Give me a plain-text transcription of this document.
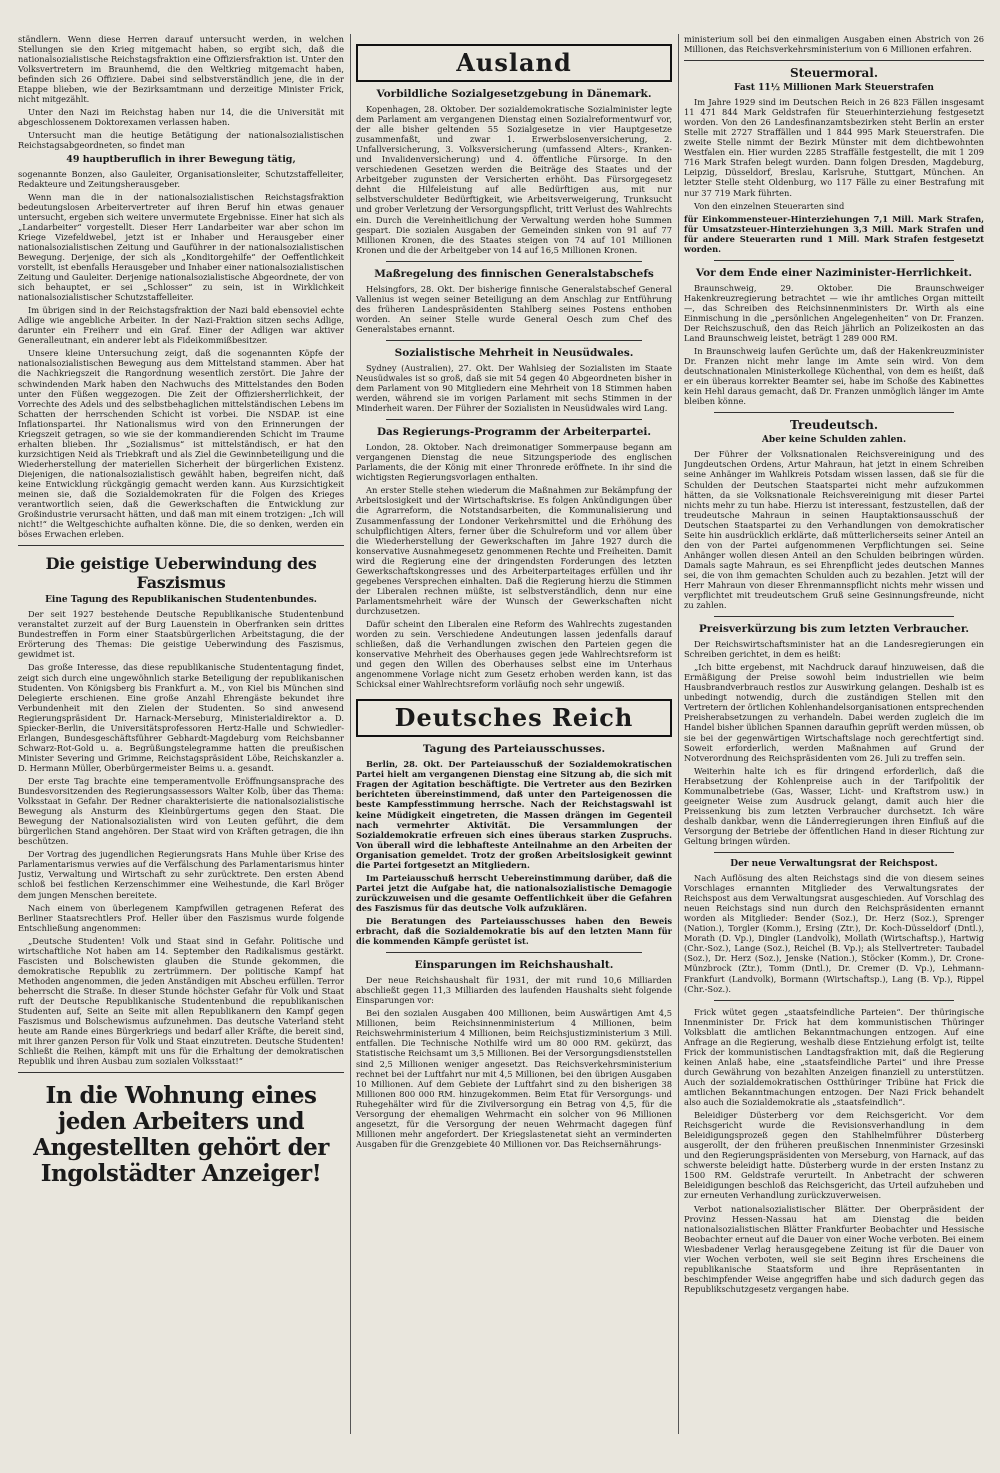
ständlern. Wenn diese Herren darauf untersucht werden, in welchen Stellungen sie den Krieg mitgemacht haben, so ergibt sich, daß die nationalsozialistische Reichstagsfraktion eine Offiziersfraktion ist. Unter den Volksvertretern im Braunhemd, die den Weltkrieg mitgemacht haben, befinden sich 26 Offiziere. Dabei sind selbstverständlich jene, die in der Etappe blieben, wie der Bezirksamtmann und derzeitige Minister Frick, nicht mitgezählt.

Unter den Nazi im Reichstag haben nur 14, die die Universität mit abgeschlossenem Doktorexamen verlassen haben.

Untersucht man die heutige Betätigung der nationalsozialistischen Reichstagsabgeordneten, so findet man

49 hauptberuflich in ihrer Bewegung tätig,

sogenannte Bonzen, also Gauleiter, Organisationsleiter, Schutzstaffelleiter, Redakteure und Zeitungsherausgeber.

Wenn man die in der nationalsozialistischen Reichstagsfraktion bedeutungslosen Arbeitervertreter auf ihren Beruf hin etwas genauer untersucht, ergeben sich weitere unvermutete Ergebnisse. Einer hat sich als „Landarbeiter“ vorgestellt. Dieser Herr Landarbeiter war aber schon im Kriege Vizefeldwebel, jetzt ist er Inhaber und Herausgeber einer nationalsozialistischen Zeitung und Gauführer in der nationalsozialistischen Bewegung. Derjenige, der sich als „Konditorgehilfe“ der Oeffentlichkeit vorstellt, ist ebenfalls Herausgeber und Inhaber einer nationalsozialistischen Zeitung und Gauleiter. Derjenige nationalsozialistische Abgeordnete, der von sich behauptet, er sei „Schlosser“ zu sein, ist in Wirklichkeit nationalsozialistischer Schutzstaffelleiter.

Im übrigen sind in der Reichstagsfraktion der Nazi bald ebensoviel echte Adlige wie angebliche Arbeiter. In der Nazi-Fraktion sitzen sechs Adlige, darunter ein Freiherr und ein Graf. Einer der Adligen war aktiver Generalleutnant, ein anderer lebt als Fideikommißbesitzer.

Unsere kleine Untersuchung zeigt, daß die sogenannten Köpfe der nationalsozialistischen Bewegung aus dem Mittelstand stammen. Aber hat die Nachkriegszeit die Rangordnung wesentlich zerstört. Die Jahre der schwindenden Mark haben den Nachwuchs des Mittelstandes den Boden unter den Füßen weggezogen. Die Zeit der Offiziersherrlichkeit, der Vorrechte des Adels und des selbstbehaglichen mittelständischen Lebens im Schatten der herrschenden Schicht ist vorbei. Die NSDAP. ist eine Inflationspartei. Ihr Nationalismus wird von den Erinnerungen der Kriegszeit getragen, so wie sie der kommandierenden Schicht im Traume erhalten blieben. Ihr „Sozialismus“ ist mittelständisch, er hat den kurzsichtigen Neid als Triebkraft und als Ziel die Gewinnbeteiligung und die Wiederherstellung der materiellen Sicherheit der bürgerlichen Existenz. Diejenigen, die nationalsozialistisch gewählt haben, begreifen nicht, daß keine Entwicklung rückgängig gemacht werden kann. Aus Kurzsichtigkeit meinen sie, daß die Sozialdemokraten für die Folgen des Krieges verantwortlich seien, daß die Gewerkschaften die Entwicklung zur Großindustrie verursacht hätten, und daß man mit einem trotzigen: „Ich will nicht!“ die Weltgeschichte aufhalten könne. Die, die so denken, werden ein böses Erwachen erleben.

Die geistige Ueberwindung des Faszismus
Eine Tagung des Republikanischen Studentenbundes.

Der seit 1927 bestehende Deutsche Republikanische Studentenbund veranstaltet zurzeit auf der Burg Lauenstein in Oberfranken sein drittes Bundestreffen in Form einer Staatsbürgerlichen Arbeitstagung, die der Erörterung des Themas: Die geistige Ueberwindung des Faszismus, gewidmet ist.

Das große Interesse, das diese republikanische Studententagung findet, zeigt sich durch eine ungewöhnlich starke Beteiligung der republikanischen Studenten. Von Königsberg bis Frankfurt a. M., von Kiel bis München sind Delegierte erschienen. Eine große Anzahl Ehrengäste bekundet ihre Verbundenheit mit den Zielen der Studenten. So sind anwesend Regierungspräsident Dr. Harnack-Merseburg, Ministerialdirektor a. D. Spiecker-Berlin, die Universitätsprofessoren Hertz-Halle und Schwiedler-Erlangen, Bundesgeschäftsführer Gebhardt-Magdeburg vom Reichsbanner Schwarz-Rot-Gold u. a. Begrüßungstelegramme hatten die preußischen Minister Severing und Grimme, Reichstagspräsident Löbe, Reichskanzler a. D. Hermann Müller, Oberbürgermeister Beims u. a. gesandt.

Der erste Tag brachte eine temperamentvolle Eröffnungsansprache des Bundesvorsitzenden des Regierungsassessors Walter Kolb, über das Thema: Volksstaat in Gefahr. Der Redner charakterisierte die nationalsozialistische Bewegung als Ansturm des Kleinbürgertums gegen den Staat. Die Bewegung der Nationalsozialisten wird von Leuten geführt, die dem bürgerlichen Stand angehören. Der Staat wird von Kräften getragen, die ihn beschützen.

Der Vortrag des jugendlichen Regierungsrats Hans Muhle über Krise des Parlamentarismus verwies auf die Verfälschung des Parlamentarismus hinter Justiz, Verwaltung und Wirtschaft zu sehr zurücktrete. Den ersten Abend schloß bei festlichen Kerzenschimmer eine Weihestunde, die Karl Bröger dem jungen Menschen bereitete.

Nach einem von überlegenem Kampfwillen getragenen Referat des Berliner Staatsrechtlers Prof. Heller über den Faszismus wurde folgende Entschließung angenommen:

„Deutsche Studenten! Volk und Staat sind in Gefahr. Politische und wirtschaftliche Not haben am 14. September den Radikalismus gestärkt. Fascisten und Bolschewisten glauben die Stunde gekommen, die demokratische Republik zu zertrümmern. Der politische Kampf hat Methoden angenommen, die jeden Anständigen mit Abscheu erfüllen. Terror beherrscht die Straße. In dieser Stunde höchster Gefahr für Volk und Staat ruft der Deutsche Republikanische Studentenbund die republikanischen Studenten auf, Seite an Seite mit allen Republikanern den Kampf gegen Faszismus und Bolschewismus aufzunehmen. Das deutsche Vaterland steht heute am Rande eines Bürgerkriegs und bedarf aller Kräfte, die bereit sind, mit ihrer ganzen Person für Volk und Staat einzutreten. Deutsche Studenten! Schließt die Reihen, kämpft mit uns für die Erhaltung der demokratischen Republik und ihren Ausbau zum sozialen Volksstaat!“

In die Wohnung eines jeden Arbeiters und Angestellten gehört der Ingolstädter Anzeiger!
Ausland
Vorbildliche Sozialgesetzgebung in Dänemark.

Kopenhagen, 28. Oktober. Der sozialdemokratische Sozialminister legte dem Parlament am vergangenen Dienstag einen Sozialreformentwurf vor, der alle bisher geltenden 55 Sozialgesetze in vier Hauptgesetze zusammenfaßt, und zwar 1. Erwerbslosenversicherung, 2. Unfallversicherung, 3. Volksversicherung (umfassend Alters-, Kranken- und Invalidenversicherung) und 4. öffentliche Fürsorge. In den verschiedenen Gesetzen werden die Beiträge des Staates und der Arbeitgeber zugunsten der Versicherten erhöht. Das Fürsorgegesetz dehnt die Hilfeleistung auf alle Bedürftigen aus, mit nur selbstverschuldeter Bedürftigkeit, wie Arbeitsverweigerung, Trunksucht und grober Verletzung der Versorgungspflicht, tritt Verlust des Wahlrechts ein. Durch die Vereinheitlichung der Verwaltung werden hohe Summen gespart. Die sozialen Ausgaben der Gemeinden sinken von 91 auf 77 Millionen Kronen, die des Staates steigen von 74 auf 101 Millionen Kronen und die der Arbeitgeber von 14 auf 16,5 Millionen Kronen.

Maßregelung des finnischen Generalstabschefs

Helsingfors, 28. Okt. Der bisherige finnische Generalstabschef General Vallenius ist wegen seiner Beteiligung an dem Anschlag zur Entführung des früheren Landespräsidenten Stahlberg seines Postens enthoben worden. An seiner Stelle wurde General Oesch zum Chef des Generalstabes ernannt.

Sozialistische Mehrheit in Neusüdwales.

Sydney (Australien), 27. Okt. Der Wahlsieg der Sozialisten im Staate Neusüdwales ist so groß, daß sie mit 54 gegen 40 Abgeordneten bisher in dem Parlament von 90 Mitgliedern eine Mehrheit von 18 Stimmen haben werden, während sie im vorigen Parlament mit sechs Stimmen in der Minderheit waren. Der Führer der Sozialisten in Neusüdwales wird Lang.

Das Regierungs-Programm der Arbeiterpartei.

London, 28. Oktober. Nach dreimonatiger Sommerpause begann am vergangenen Dienstag die neue Sitzungsperiode des englischen Parlaments, die der König mit einer Thronrede eröffnete. In ihr sind die wichtigsten Regierungsvorlagen enthalten.

An erster Stelle stehen wiederum die Maßnahmen zur Bekämpfung der Arbeitslosigkeit und der Wirtschaftskrise. Es folgen Ankündigungen über die Agrarreform, die Notstandsarbeiten, die Kommunalisierung und Zusammenfassung der Londoner Verkehrsmittel und die Erhöhung des schulpflichtigen Alters, ferner über die Schulreform und vor allem über die Wiederherstellung der Gewerkschaften im Jahre 1927 durch die konservative Ausnahmegesetz genommenen Rechte und Freiheiten. Damit wird die Regierung eine der dringendsten Forderungen des letzten Gewerkschaftskongresses und des Arbeiterparteitages erfüllen und ihr gegebenes Versprechen einhalten. Daß die Regierung hierzu die Stimmen der Liberalen rechnen müßte, ist selbstverständlich, denn nur eine Parlamentsmehrheit wäre der Wunsch der Gewerkschaften nicht durchzusetzen.

Dafür scheint den Liberalen eine Reform des Wahlrechts zugestanden worden zu sein. Verschiedene Andeutungen lassen jedenfalls darauf schließen, daß die Verhandlungen zwischen den Parteien gegen die konservative Mehrheit des Oberhauses gegen jede Wahlrechtsreform ist und gegen den Willen des Oberhauses selbst eine im Unterhaus angenommene Vorlage nicht zum Gesetz erhoben werden kann, ist das Schicksal einer Wahlrechtsreform vorläufig noch sehr ungewiß.

Deutsches Reich
Tagung des Parteiausschusses.

Berlin, 28. Okt. Der Parteiausschuß der Sozialdemokratischen Partei hielt am vergangenen Dienstag eine Sitzung ab, die sich mit Fragen der Agitation beschäftigte. Die Vertreter aus den Bezirken berichteten übereinstimmend, daß unter den Parteigenossen die beste Kampfesstimmung herrsche. Nach der Reichstagswahl ist keine Müdigkeit eingetreten, die Massen drängen im Gegenteil nach vermehrter Aktivität. Die Versammlungen der Sozialdemokratie erfreuen sich eines überaus starken Zuspruchs. Von überall wird die lebhafteste Anteilnahme an den Arbeiten der Organisation gemeldet. Trotz der großen Arbeitslosigkeit gewinnt die Partei fortgesetzt an Mitgliedern.

Im Parteiausschuß herrscht Uebereinstimmung darüber, daß die Partei jetzt die Aufgabe hat, die nationalsozialistische Demagogie zurückzuweisen und die gesamte Oeffentlichkeit über die Gefahren des Faszismus für das deutsche Volk aufzuklären.

Die Beratungen des Parteiausschusses haben den Beweis erbracht, daß die Sozialdemokratie bis auf den letzten Mann für die kommenden Kämpfe gerüstet ist.

Einsparungen im Reichshaushalt.

Der neue Reichshaushalt für 1931, der mit rund 10,6 Milliarden abschließt gegen 11,3 Milliarden des laufenden Haushalts sieht folgende Einsparungen vor:

Bei den sozialen Ausgaben 400 Millionen, beim Auswärtigen Amt 4,5 Millionen, beim Reichsinnenministerium 4 Millionen, beim Reichswehrministerium 4 Millionen, beim Reichsjustizministerium 3 Mill. entfallen. Die Technische Nothilfe wird um 80 000 RM. gekürzt, das Statistische Reichsamt um 3,5 Millionen. Bei der Versorgungsdienststellen sind 2,5 Millionen weniger angesetzt. Das Reichsverkehrsministerium rechnet bei der Luftfahrt nur mit 4,5 Millionen, bei den übrigen Ausgaben 10 Millionen. Auf dem Gebiete der Luftfahrt sind zu den bisherigen 38 Millionen 800 000 RM. hinzugekommen. Beim Etat für Versorgungs- und Ruhegehälter wird für die Zivilversorgung ein Betrag von 4,5, für die Versorgung der ehemaligen Wehrmacht ein solcher von 96 Millionen angesetzt, für die Versorgung der neuen Wehrmacht dagegen fünf Millionen mehr angefordert. Der Kriegslastenetat sieht an verminderten Ausgaben für die Grenzgebiete 40 Millionen vor. Das Reichsernährungs-

ministerium soll bei den einmaligen Ausgaben einen Abstrich von 26 Millionen, das Reichsverkehrsministerium von 6 Millionen erfahren.

Steuermoral.
Fast 11½ Millionen Mark Steuerstrafen

Im Jahre 1929 sind im Deutschen Reich in 26 823 Fällen insgesamt 11 471 844 Mark Geldstrafen für Steuerhinterziehung festgesetzt worden. Von den 26 Landesfinanzamtsbezirken steht Berlin an erster Stelle mit 2727 Straffällen und 1 844 995 Mark Steuerstrafen. Die zweite Stelle nimmt der Bezirk Münster mit dem dichtbewohnten Westfalen ein. Hier wurden 2285 Straffälle festgestellt, die mit 1 209 716 Mark Strafen belegt wurden. Dann folgen Dresden, Magdeburg, Leipzig, Düsseldorf, Breslau, Karlsruhe, Stuttgart, München. An letzter Stelle steht Oldenburg, wo 117 Fälle zu einer Bestrafung mit nur 37 719 Mark führten.

Von den einzelnen Steuerarten sind

für Einkommensteuer-Hinterziehungen 7,1 Mill. Mark Strafen, für Umsatzsteuer-Hinterziehungen 3,3 Mill. Mark Strafen und für andere Steuerarten rund 1 Mill. Mark Strafen festgesetzt worden.

Vor dem Ende einer Naziminister-Herrlichkeit.

Braunschweig, 29. Oktober. Die Braunschweiger Hakenkreuzregierung betrachtet — wie ihr amtliches Organ mitteilt —, das Schreiben des Reichsinnenministers Dr. Wirth als eine Einmischung in die „persönlichen Angelegenheiten“ von Dr. Franzen. Der Reichszuschuß, den das Reich jährlich an Polizeikosten an das Land Braunschweig leistet, beträgt 1 289 000 RM.

In Braunschweig laufen Gerüchte um, daß der Hakenkreuzminister Dr. Franzen nicht mehr lange im Amte sein wird. Von dem deutschnationalen Ministerkollege Küchenthal, von dem es heißt, daß er ein überaus korrekter Beamter sei, habe im Schoße des Kabinettes kein Hehl daraus gemacht, daß Dr. Franzen unmöglich länger im Amte bleiben könne.

Treudeutsch.
Aber keine Schulden zahlen.

Der Führer der Volksnationalen Reichsvereinigung und des Jungdeutschen Ordens, Artur Mahraun, hat jetzt in einem Schreiben seine Anhänger im Wahlkreis Potsdam wissen lassen, daß sie für die Schulden der Deutschen Staatspartei nicht mehr aufzukommen hätten, da sie Volksnationale Reichsvereinigung mit dieser Partei nichts mehr zu tun habe. Hierzu ist interessant, festzustellen, daß der treudeutsche Mahraun in seinen Hauptaktionsausschuß der Deutschen Staatspartei zu den Verhandlungen von demokratischer Seite hin ausdrücklich erklärte, daß mütterlicherseits seiner Anteil an den von der Partei aufgenommenen Verpflichtungen sei. Seine Anhänger wollen diesen Anteil an den Schulden beibringen würden. Damals sagte Mahraun, es sei Ehrenpflicht jedes deutschen Mannes sei, die von ihm gemachten Schulden auch zu bezahlen. Jetzt will der Herr Mahraun von dieser Ehrenmannspflicht nichts mehr wissen und verpflichtet mit treudeutschem Gruß seine Gesinnungsfreunde, nicht zu zahlen.

Preisverkürzung bis zum letzten Verbraucher.

Der Reichswirtschaftsminister hat an die Landesregierungen ein Schreiben gerichtet, in dem es heißt:

„Ich bitte ergebenst, mit Nachdruck darauf hinzuweisen, daß die Ermäßigung der Preise sowohl beim industriellen wie beim Hausbrandverbrauch restlos zur Auswirkung gelangen. Deshalb ist es unbedingt notwendig, durch die zuständigen Stellen mit den Vertretern der örtlichen Kohlenhandelsorganisationen entsprechenden Preisherabsetzungen zu verhandeln. Dabei werden zugleich die im Handel bisher üblichen Spannen daraufhin geprüft werden müssen, ob sie bei der gegenwärtigen Wirtschaftslage noch gerechtfertigt sind. Soweit erforderlich, werden Maßnahmen auf Grund der Notverordnung des Reichspräsidenten vom 26. Juli zu treffen sein.

Weiterhin halte ich es für dringend erforderlich, daß die Herabsetzung der Kohlenpreise auch in der Tarifpolitik der Kommunalbetriebe (Gas, Wasser, Licht- und Kraftstrom usw.) in geeigneter Weise zum Ausdruck gelangt, damit auch hier die Preissenkung bis zum letzten Verbraucher durchsetzt. Ich wäre deshalb dankbar, wenn die Länderregierungen ihren Einfluß auf die Versorgung der Betriebe der öffentlichen Hand in dieser Richtung zur Geltung bringen würden.

Der neue Verwaltungsrat der Reichspost.

Nach Auflösung des alten Reichstags sind die von diesem seines Vorschlages ernannten Mitglieder des Verwaltungsrates der Reichspost aus dem Verwaltungsrat ausgeschieden. Auf Vorschlag des neuen Reichstags sind nun durch den Reichspräsidenten ernannt worden als Mitglieder: Bender (Soz.), Dr. Herz (Soz.), Sprenger (Nation.), Torgler (Komm.), Ersing (Ztr.), Dr. Koch-Düsseldorf (Dntl.), Morath (D. Vp.), Dingler (Landvolk), Mollath (Wirtschaftsp.), Hartwig (Chr.-Soz.), Lange (Soz.), Reichel (B. Vp.); als Stellvertreter: Taubadel (Soz.), Dr. Herz (Soz.), Jenske (Nation.), Stöcker (Komm.), Dr. Crone-Münzbrock (Ztr.), Tomm (Dntl.), Dr. Cremer (D. Vp.), Lehmann-Frankfurt (Landvolk), Bormann (Wirtschaftsp.), Lang (B. Vp.), Rippel (Chr.-Soz.).

Frick wütet gegen „staatsfeindliche Parteien“. Der thüringische Innenminister Dr. Frick hat dem kommunistischen Thüringer Volksblatt die amtlichen Bekanntmachungen entzogen. Auf eine Anfrage an die Regierung, weshalb diese Entziehung erfolgt ist, teilte Frick der kommunistischen Landtagsfraktion mit, daß die Regierung keinen Anlaß habe, eine „staatsfeindliche Partei“ und ihre Presse durch Gewährung von bezahlten Anzeigen finanziell zu unterstützen. Auch der sozialdemokratischen Ostthüringer Tribüne hat Frick die amtlichen Bekanntmachungen entzogen. Der Nazi Frick behandelt also auch die Sozialdemokratie als „staatsfeindlich“.

Beleidiger Düsterberg vor dem Reichsgericht. Vor dem Reichsgericht wurde die Revisionsverhandlung in dem Beleidigungsprozeß gegen den Stahlhelmführer Düsterberg ausgerollt, der den früheren preußischen Innenminister Grzesinski und den Regierungspräsidenten von Merseburg, von Harnack, auf das schwerste beleidigt hatte. Düsterberg wurde in der ersten Instanz zu 1500 RM. Geldstrafe verurteilt. In Anbetracht der schweren Beleidigungen beschloß das Reichsgericht, das Urteil aufzuheben und zur erneuten Verhandlung zurückzuverweisen.

Verbot nationalsozialistischer Blätter. Der Oberpräsident der Provinz Hessen-Nassau hat am Dienstag die beiden nationalsozialistischen Blätter Frankfurter Beobachter und Hessische Beobachter erneut auf die Dauer von einer Woche verboten. Bei einem Wiesbadener Verlag herausgegebene Zeitung ist für die Dauer von vier Wochen verboten, weil sie seit Beginn ihres Erscheinens die republikanische Staatsform und ihre Repräsentanten in beschimpfender Weise angegriffen habe und sich dadurch gegen das Republikschutzgesetz vergangen habe.
